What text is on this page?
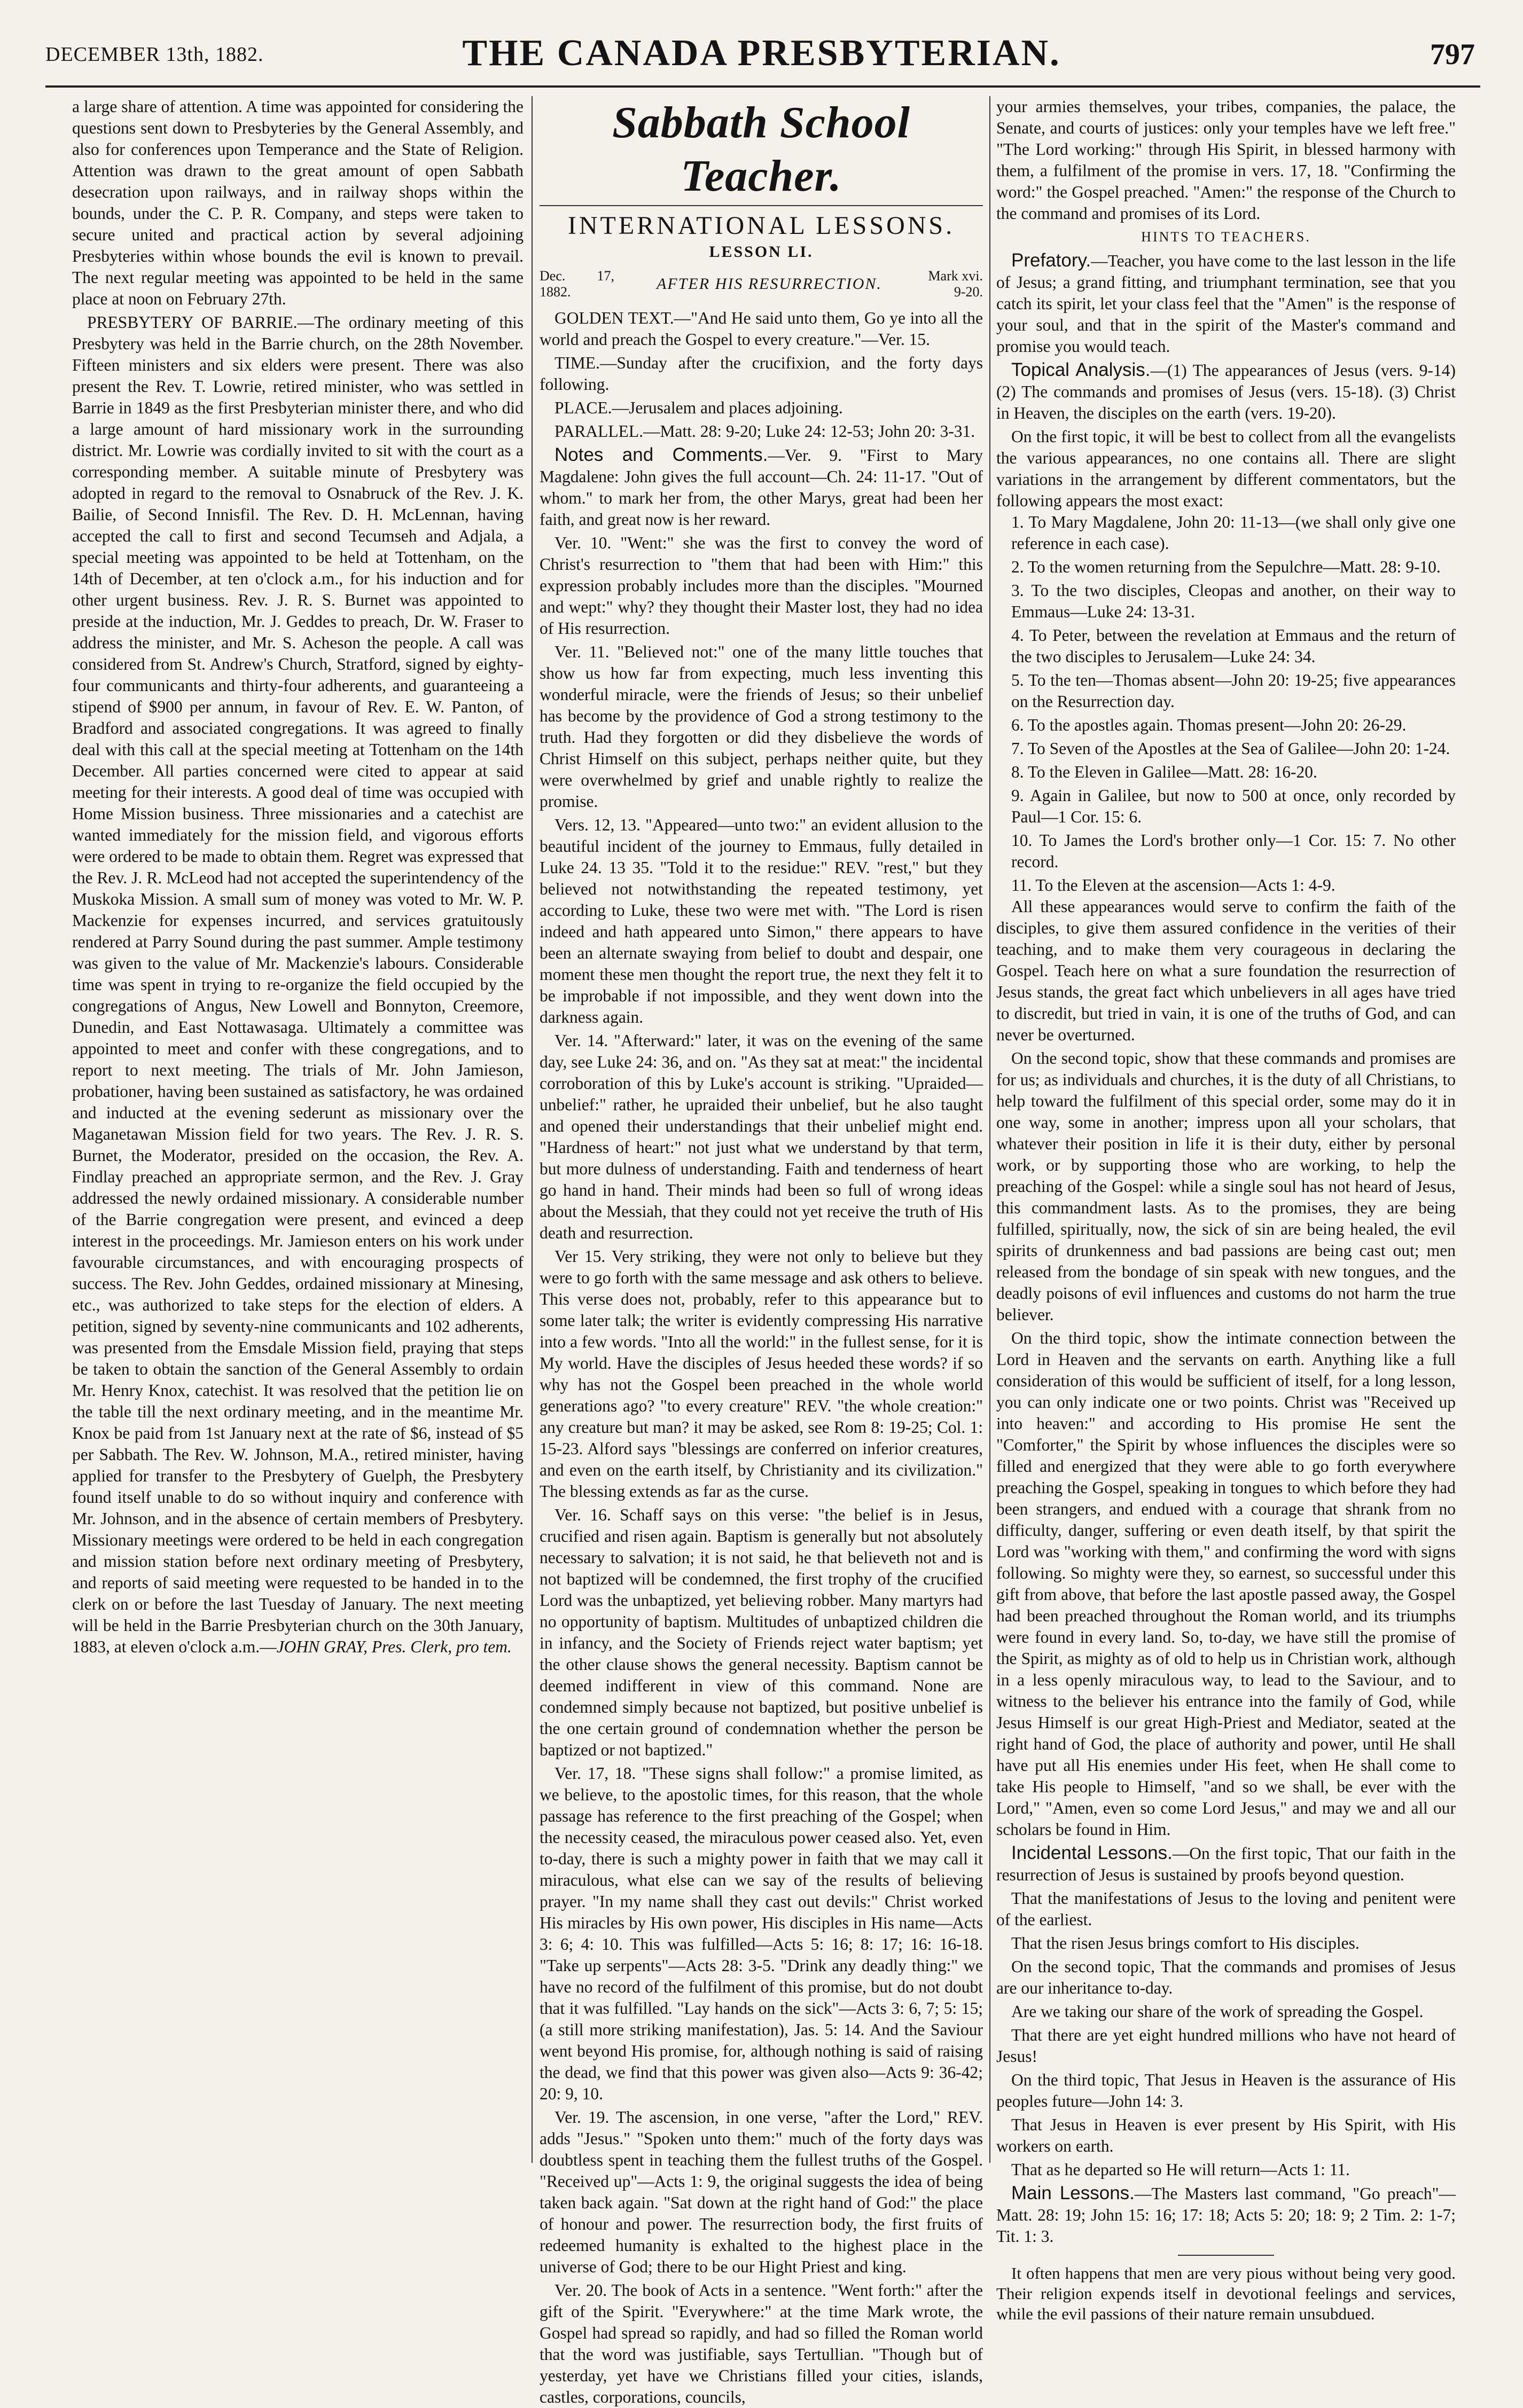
DECEMBER 13th, 1882.	THE CANADA PRESBYTERIAN.	797

a large share of attention. A time was appointed for considering the questions sent down to Presbyteries by the General Assembly, and also for conferences upon Temperance and the State of Religion. Attention was drawn to the great amount of open Sabbath desecration upon railways, and in railway shops within the bounds, under the C. P. R. Company, and steps were taken to secure united and practical action by several adjoining Presbyteries within whose bounds the evil is known to prevail. The next regular meeting was appointed to be held in the same place at noon on February 27th.

PRESBYTERY OF BARRIE.—The ordinary meeting of this Presbytery was held in the Barrie church, on the 28th November. Fifteen ministers and six elders were present. There was also present the Rev. T. Lowrie, retired minister, who was settled in Barrie in 1849 as the first Presbyterian minister there, and who did a large amount of hard missionary work in the surrounding district. Mr. Lowrie was cordially invited to sit with the court as a corresponding member. A suitable minute of Presbytery was adopted in regard to the removal to Osnabruck of the Rev. J. K. Bailie, of Second Innisfil. The Rev. D. H. McLennan, having accepted the call to first and second Tecumseh and Adjala, a special meeting was appointed to be held at Tottenham, on the 14th of December, at ten o'clock a.m., for his induction and for other urgent business. Rev. J. R. S. Burnet was appointed to preside at the induction, Mr. J. Geddes to preach, Dr. W. Fraser to address the minister, and Mr. S. Acheson the people. A call was considered from St. Andrew's Church, Stratford, signed by eighty-four communicants and thirty-four adherents, and guaranteeing a stipend of $900 per annum, in favour of Rev. E. W. Panton, of Bradford and associated congregations. It was agreed to finally deal with this call at the special meeting at Tottenham on the 14th December. All parties concerned were cited to appear at said meeting for their interests. A good deal of time was occupied with Home Mission business. Three missionaries and a catechist are wanted immediately for the mission field, and vigorous efforts were ordered to be made to obtain them. Regret was expressed that the Rev. J. R. McLeod had not accepted the superintendency of the Muskoka Mission. A small sum of money was voted to Mr. W. P. Mackenzie for expenses incurred, and services gratuitously rendered at Parry Sound during the past summer. Ample testimony was given to the value of Mr. Mackenzie's labours. Considerable time was spent in trying to re-organize the field occupied by the congregations of Angus, New Lowell and Bonnyton, Creemore, Dunedin, and East Nottawasaga. Ultimately a committee was appointed to meet and confer with these congregations, and to report to next meeting. The trials of Mr. John Jamieson, probationer, having been sustained as satisfactory, he was ordained and inducted at the evening sederunt as missionary over the Maganetawan Mission field for two years. The Rev. J. R. S. Burnet, the Moderator, presided on the occasion, the Rev. A. Findlay preached an appropriate sermon, and the Rev. J. Gray addressed the newly ordained missionary. A considerable number of the Barrie congregation were present, and evinced a deep interest in the proceedings. Mr. Jamieson enters on his work under favourable circumstances, and with encouraging prospects of success. The Rev. John Geddes, ordained missionary at Minesing, etc., was authorized to take steps for the election of elders. A petition, signed by seventy-nine communicants and 102 adherents, was presented from the Emsdale Mission field, praying that steps be taken to obtain the sanction of the General Assembly to ordain Mr. Henry Knox, catechist. It was resolved that the petition lie on the table till the next ordinary meeting, and in the meantime Mr. Knox be paid from 1st January next at the rate of $6, instead of $5 per Sabbath. The Rev. W. Johnson, M.A., retired minister, having applied for transfer to the Presbytery of Guelph, the Presbytery found itself unable to do so without inquiry and conference with Mr. Johnson, and in the absence of certain members of Presbytery. Missionary meetings were ordered to be held in each congregation and mission station before next ordinary meeting of Presbytery, and reports of said meeting were requested to be handed in to the clerk on or before the last Tuesday of January. The next meeting will be held in the Barrie Presbyterian church on the 30th January, 1883, at eleven o'clock a.m.—JOHN GRAY, Pres. Clerk, pro tem.

Sabbath School Teacher.
INTERNATIONAL LESSONS.
LESSON LI.
Dec. 17, 1882.	AFTER HIS RESURRECTION.	Mark xvi. 9-20.

GOLDEN TEXT.—"And He said unto them, Go ye into all the world and preach the Gospel to every creature."—Ver. 15.

TIME.—Sunday after the crucifixion, and the forty days following.

PLACE.—Jerusalem and places adjoining.

PARALLEL.—Matt. 28: 9-20; Luke 24: 12-53; John 20: 3-31.

Notes and Comments.—Ver. 9. "First to Mary Magdalene: John gives the full account—Ch. 24: 11-17. "Out of whom." to mark her from, the other Marys, great had been her faith, and great now is her reward.

Ver. 10. "Went:" she was the first to convey the word of Christ's resurrection to "them that had been with Him:" this expression probably includes more than the disciples. "Mourned and wept:" why? they thought their Master lost, they had no idea of His resurrection.

Ver. 11. "Believed not:" one of the many little touches that show us how far from expecting, much less inventing this wonderful miracle, were the friends of Jesus; so their unbelief has become by the providence of God a strong testimony to the truth. Had they forgotten or did they disbelieve the words of Christ Himself on this subject, perhaps neither quite, but they were overwhelmed by grief and unable rightly to realize the promise.

Vers. 12, 13. "Appeared—unto two:" an evident allusion to the beautiful incident of the journey to Emmaus, fully detailed in Luke 24. 13 35. "Told it to the residue:" REV. "rest," but they believed not notwithstanding the repeated testimony, yet according to Luke, these two were met with. "The Lord is risen indeed and hath appeared unto Simon," there appears to have been an alternate swaying from belief to doubt and despair, one moment these men thought the report true, the next they felt it to be improbable if not impossible, and they went down into the darkness again.

Ver. 14. "Afterward:" later, it was on the evening of the same day, see Luke 24: 36, and on. "As they sat at meat:" the incidental corroboration of this by Luke's account is striking. "Upraided—unbelief:" rather, he upraided their unbelief, but he also taught and opened their understandings that their unbelief might end. "Hardness of heart:" not just what we understand by that term, but more dulness of understanding. Faith and tenderness of heart go hand in hand. Their minds had been so full of wrong ideas about the Messiah, that they could not yet receive the truth of His death and resurrection.

Ver 15. Very striking, they were not only to believe but they were to go forth with the same message and ask others to believe. This verse does not, probably, refer to this appearance but to some later talk; the writer is evidently compressing His narrative into a few words. "Into all the world:" in the fullest sense, for it is My world. Have the disciples of Jesus heeded these words? if so why has not the Gospel been preached in the whole world generations ago? "to every creature" REV. "the whole creation:" any creature but man? it may be asked, see Rom 8: 19-25; Col. 1: 15-23. Alford says "blessings are conferred on inferior creatures, and even on the earth itself, by Christianity and its civilization." The blessing extends as far as the curse.

Ver. 16. Schaff says on this verse: "the belief is in Jesus, crucified and risen again. Baptism is generally but not absolutely necessary to salvation; it is not said, he that believeth not and is not baptized will be condemned, the first trophy of the crucified Lord was the unbaptized, yet believing robber. Many martyrs had no opportunity of baptism. Multitudes of unbaptized children die in infancy, and the Society of Friends reject water baptism; yet the other clause shows the general necessity. Baptism cannot be deemed indifferent in view of this command. None are condemned simply because not baptized, but positive unbelief is the one certain ground of condemnation whether the person be baptized or not baptized."

Ver. 17, 18. "These signs shall follow:" a promise limited, as we believe, to the apostolic times, for this reason, that the whole passage has reference to the first preaching of the Gospel; when the necessity ceased, the miraculous power ceased also. Yet, even to-day, there is such a mighty power in faith that we may call it miraculous, what else can we say of the results of believing prayer. "In my name shall they cast out devils:" Christ worked His miracles by His own power, His disciples in His name—Acts 3: 6; 4: 10. This was fulfilled—Acts 5: 16; 8: 17; 16: 16-18. "Take up serpents"—Acts 28: 3-5. "Drink any deadly thing:" we have no record of the fulfilment of this promise, but do not doubt that it was fulfilled. "Lay hands on the sick"—Acts 3: 6, 7; 5: 15; (a still more striking manifestation), Jas. 5: 14. And the Saviour went beyond His promise, for, although nothing is said of raising the dead, we find that this power was given also—Acts 9: 36-42; 20: 9, 10.

Ver. 19. The ascension, in one verse, "after the Lord," REV. adds "Jesus." "Spoken unto them:" much of the forty days was doubtless spent in teaching them the fullest truths of the Gospel. "Received up"—Acts 1: 9, the original suggests the idea of being taken back again. "Sat down at the right hand of God:" the place of honour and power. The resurrection body, the first fruits of redeemed humanity is exhalted to the highest place in the universe of God; there to be our Hight Priest and king.

Ver. 20. The book of Acts in a sentence. "Went forth:" after the gift of the Spirit. "Everywhere:" at the time Mark wrote, the Gospel had spread so rapidly, and had so filled the Roman world that the word was justifiable, says Tertullian. "Though but of yesterday, yet have we Christians filled your cities, islands, castles, corporations, councils,

your armies themselves, your tribes, companies, the palace, the Senate, and courts of justices: only your temples have we left free." "The Lord working:" through His Spirit, in blessed harmony with them, a fulfilment of the promise in vers. 17, 18. "Confirming the word:" the Gospel preached. "Amen:" the response of the Church to the command and promises of its Lord.

HINTS TO TEACHERS.

Prefatory.—Teacher, you have come to the last lesson in the life of Jesus; a grand fitting, and triumphant termination, see that you catch its spirit, let your class feel that the "Amen" is the response of your soul, and that in the spirit of the Master's command and promise you would teach.

Topical Analysis.—(1) The appearances of Jesus (vers. 9-14) (2) The commands and promises of Jesus (vers. 15-18). (3) Christ in Heaven, the disciples on the earth (vers. 19-20).

On the first topic, it will be best to collect from all the evangelists the various appearances, no one contains all. There are slight variations in the arrangement by different commentators, but the following appears the most exact:

1. To Mary Magdalene, John 20: 11-13—(we shall only give one reference in each case).

2. To the women returning from the Sepulchre—Matt. 28: 9-10.

3. To the two disciples, Cleopas and another, on their way to Emmaus—Luke 24: 13-31.

4. To Peter, between the revelation at Emmaus and the return of the two disciples to Jerusalem—Luke 24: 34.

5. To the ten—Thomas absent—John 20: 19-25; five appearances on the Resurrection day.

6. To the apostles again. Thomas present—John 20: 26-29.

7. To Seven of the Apostles at the Sea of Galilee—John 20: 1-24.

8. To the Eleven in Galilee—Matt. 28: 16-20.

9. Again in Galilee, but now to 500 at once, only recorded by Paul—1 Cor. 15: 6.

10. To James the Lord's brother only—1 Cor. 15: 7. No other record.

11. To the Eleven at the ascension—Acts 1: 4-9.

All these appearances would serve to confirm the faith of the disciples, to give them assured confidence in the verities of their teaching, and to make them very courageous in declaring the Gospel. Teach here on what a sure foundation the resurrection of Jesus stands, the great fact which unbelievers in all ages have tried to discredit, but tried in vain, it is one of the truths of God, and can never be overturned.

On the second topic, show that these commands and promises are for us; as individuals and churches, it is the duty of all Christians, to help toward the fulfilment of this special order, some may do it in one way, some in another; impress upon all your scholars, that whatever their position in life it is their duty, either by personal work, or by supporting those who are working, to help the preaching of the Gospel: while a single soul has not heard of Jesus, this commandment lasts. As to the promises, they are being fulfilled, spiritually, now, the sick of sin are being healed, the evil spirits of drunkenness and bad passions are being cast out; men released from the bondage of sin speak with new tongues, and the deadly poisons of evil influences and customs do not harm the true believer.

On the third topic, show the intimate connection between the Lord in Heaven and the servants on earth. Anything like a full consideration of this would be sufficient of itself, for a long lesson, you can only indicate one or two points. Christ was "Received up into heaven:" and according to His promise He sent the "Comforter," the Spirit by whose influences the disciples were so filled and energized that they were able to go forth everywhere preaching the Gospel, speaking in tongues to which before they had been strangers, and endued with a courage that shrank from no difficulty, danger, suffering or even death itself, by that spirit the Lord was "working with them," and confirming the word with signs following. So mighty were they, so earnest, so successful under this gift from above, that before the last apostle passed away, the Gospel had been preached throughout the Roman world, and its triumphs were found in every land. So, to-day, we have still the promise of the Spirit, as mighty as of old to help us in Christian work, although in a less openly miraculous way, to lead to the Saviour, and to witness to the believer his entrance into the family of God, while Jesus Himself is our great High-Priest and Mediator, seated at the right hand of God, the place of authority and power, until He shall have put all His enemies under His feet, when He shall come to take His people to Himself, "and so we shall, be ever with the Lord," "Amen, even so come Lord Jesus," and may we and all our scholars be found in Him.

Incidental Lessons.—On the first topic, That our faith in the resurrection of Jesus is sustained by proofs beyond question.

That the manifestations of Jesus to the loving and penitent were of the earliest.

That the risen Jesus brings comfort to His disciples.

On the second topic, That the commands and promises of Jesus are our inheritance to-day.

Are we taking our share of the work of spreading the Gospel.

That there are yet eight hundred millions who have not heard of Jesus!

On the third topic, That Jesus in Heaven is the assurance of His peoples future—John 14: 3.

That Jesus in Heaven is ever present by His Spirit, with His workers on earth.

That as he departed so He will return—Acts 1: 11.

Main Lessons.—The Masters last command, "Go preach"—Matt. 28: 19; John 15: 16; 17: 18; Acts 5: 20; 18: 9; 2 Tim. 2: 1-7; Tit. 1: 3.

It often happens that men are very pious without being very good. Their religion expends itself in devotional feelings and services, while the evil passions of their nature remain unsubdued.
